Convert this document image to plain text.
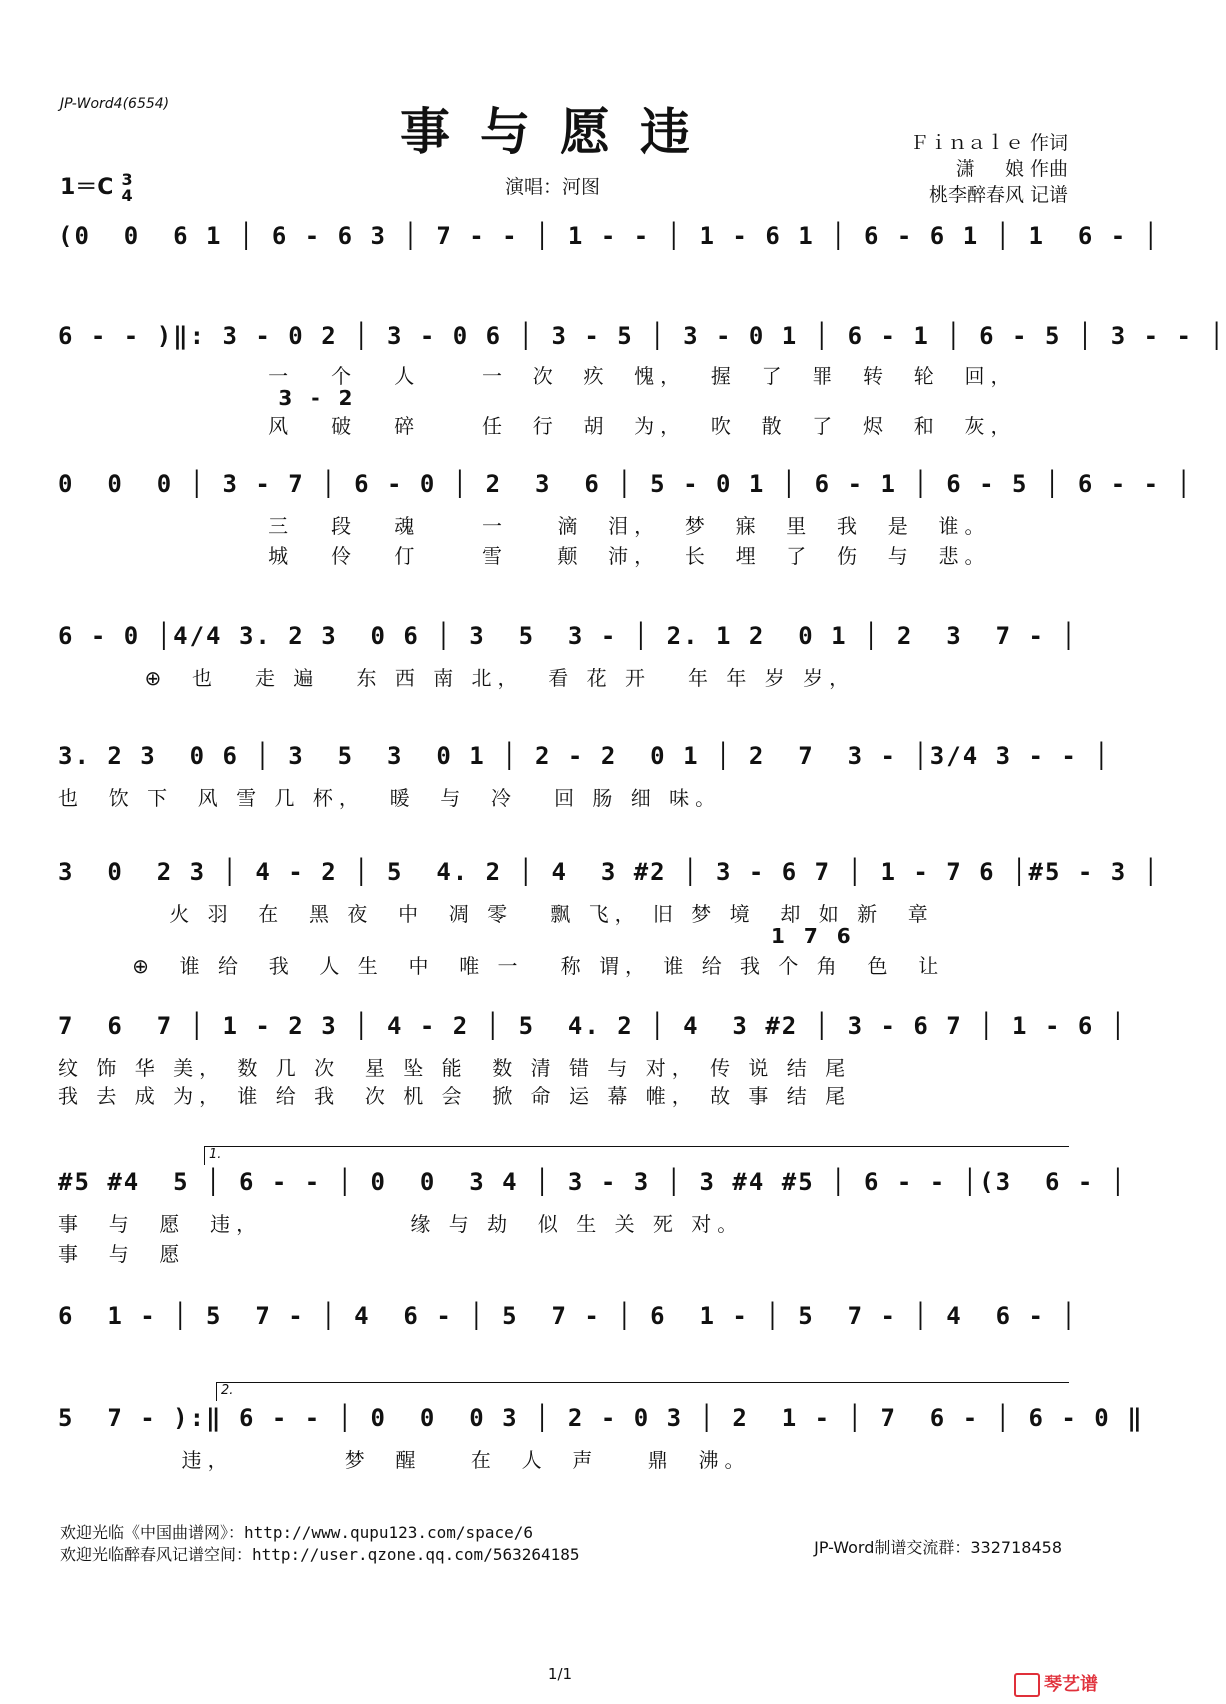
JP-Word4(6554)	事与愿违
演唱：河图
Ｆｉｎａｌｅ 作词
潇     娘 作曲
桃李醉春风 记谱
1＝C 3
4
(0  0  6 1 │ 6 - 6 3 │ 7 - - │ 1 - - │ 1 - 6 1 │ 6 - 6 1 │ 1  6 - │
6 - - )‖: 3 - 0 2 │ 3 - 0 6 │ 3 - 5 │ 3 - 0 1 │ 6 - 1 │ 6 - 5 │ 3 - - │
一   个   人     一  次  疚  愧，  握  了  罪  转  轮  回，
3 - 2
风   破   碎     任  行  胡  为，  吹  散  了  烬  和  灰，
0  0  0 │ 3 - 7 │ 6 - 0 │ 2  3  6 │ 5 - 0 1 │ 6 - 1 │ 6 - 5 │ 6 - - │
三   段   魂     一    滴  泪，  梦  寐  里  我  是  谁。
城   伶   仃     雪    颠  沛，  长  埋  了  伤  与  悲。
6 - 0 │4/4 3. 2 3  0 6 │ 3  5  3 - │ 2. 1 2  0 1 │ 2  3  7 - │
⊕  也   走 遍   东 西 南 北，  看 花 开   年 年 岁 岁，
3. 2 3  0 6 │ 3  5  3  0 1 │ 2 - 2  0 1 │ 2  7  3 - │3/4 3 - - │
也  饮 下  风 雪 几 杯，  暖  与  冷   回 肠 细 味。
3  0  2 3 │ 4 - 2 │ 5  4. 2 │ 4  3 #2 │ 3 - 6 7 │ 1 - 7 6 │#5 - 3 │
火 羽  在  黑 夜  中  凋 零   飘 飞， 旧 梦 境  却 如 新  章
1 7 6
⊕  谁 给  我  人 生  中  唯 一   称 谓， 谁 给 我 个 角  色  让
7  6  7 │ 1 - 2 3 │ 4 - 2 │ 5  4. 2 │ 4  3 #2 │ 3 - 6 7 │ 1 - 6 │
纹 饰 华 美， 数 几 次  星 坠 能  数 清 错 与 对， 传 说 结 尾
我 去 成 为， 谁 给 我  次 机 会  掀 命 运 幕 帷， 故 事 结 尾
1.
#5 #4  5 │ 6 - - │ 0  0  3 4 │ 3 - 3 │ 3 #4 #5 │ 6 - - │(3  6 - │
事  与  愿  违，            缘 与 劫  似 生 关 死 对。
事  与  愿
6  1 - │ 5  7 - │ 4  6 - │ 5  7 - │ 6  1 - │ 5  7 - │ 4  6 - │
2.
5  7 - ):‖ 6 - - │ 0  0  0 3 │ 2 - 0 3 │ 2  1 - │ 7  6 - │ 6 - 0 ‖
违，         梦  醒    在  人  声    鼎  沸。
欢迎光临《中国曲谱网》：http://www.qupu123.com/space/6
欢迎光临醉春风记谱空间：http://user.qzone.qq.com/563264185	JP-Word制谱交流群：332718458
1/1	琴艺谱
